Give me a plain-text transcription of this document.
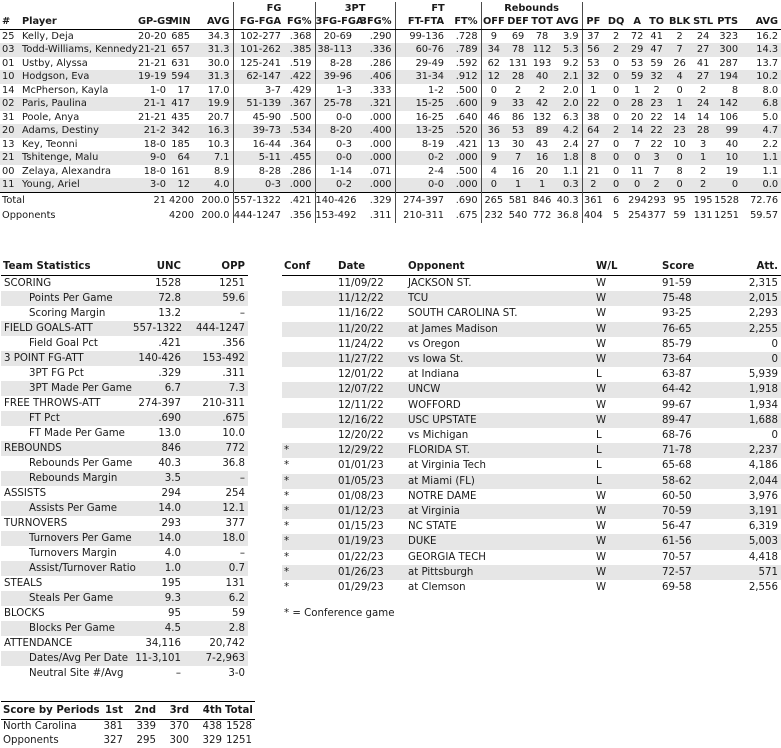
					FG		3PT		FT		Rebounds											
#	Player	GP-GS	MIN	AVG	FG-FGA	FG%	3FG-FGA	3FG%	FT-FTA	FT%	OFF	DEF	TOT	AVG	PF	DQ	A	TO	BLK	STL	PTS	AVG
25	Kelly, Deja	20-20	685	34.3	102-277	.368	20-69	.290	99-136	.728	9	69	78	3.9	37	2	72	41	2	24	323	16.2
03	Todd-Williams, Kennedy	21-21	657	31.3	101-262	.385	38-113	.336	60-76	.789	34	78	112	5.3	56	2	29	47	7	27	300	14.3
01	Ustby, Alyssa	21-21	631	30.0	125-241	.519	8-28	.286	29-49	.592	62	131	193	9.2	53	0	53	59	26	41	287	13.7
10	Hodgson, Eva	19-19	594	31.3	62-147	.422	39-96	.406	31-34	.912	12	28	40	2.1	32	0	59	32	4	27	194	10.2
14	McPherson, Kayla	1-0	17	17.0	3-7	.429	1-3	.333	1-2	.500	0	2	2	2.0	1	0	1	2	0	2	8	8.0
02	Paris, Paulina	21-1	417	19.9	51-139	.367	25-78	.321	15-25	.600	9	33	42	2.0	22	0	28	23	1	24	142	6.8
31	Poole, Anya	21-21	435	20.7	45-90	.500	0-0	.000	16-25	.640	46	86	132	6.3	38	0	20	22	14	14	106	5.0
20	Adams, Destiny	21-2	342	16.3	39-73	.534	8-20	.400	13-25	.520	36	53	89	4.2	64	2	14	22	23	28	99	4.7
13	Key, Teonni	18-0	185	10.3	16-44	.364	0-3	.000	8-19	.421	13	30	43	2.4	27	0	7	22	10	3	40	2.2
21	Tshitenge, Malu	9-0	64	7.1	5-11	.455	0-0	.000	0-2	.000	9	7	16	1.8	8	0	0	3	0	1	10	1.1
00	Zelaya, Alexandra	18-0	161	8.9	8-28	.286	1-14	.071	2-4	.500	4	16	20	1.1	21	0	11	7	8	2	19	1.1
11	Young, Ariel	3-0	12	4.0	0-3	.000	0-2	.000	0-0	.000	0	1	1	0.3	2	0	0	2	0	2	0	0.0
Total		21	4200	200.0	557-1322	.421	140-426	.329	274-397	.690	265	581	846	40.3	361	6	294	293	95	195	1528	72.76
Opponents			4200	200.0	444-1247	.356	153-492	.311	210-311	.675	232	540	772	36.8	404	5	254	377	59	131	1251	59.57
Team Statistics	UNC	OPP
SCORING	1528	1251
Points Per Game	72.8	59.6
Scoring Margin	13.2	–
FIELD GOALS-ATT	557-1322	444-1247
Field Goal Pct	.421	.356
3 POINT FG-ATT	140-426	153-492
3PT FG Pct	.329	.311
3PT Made Per Game	6.7	7.3
FREE THROWS-ATT	274-397	210-311
FT Pct	.690	.675
FT Made Per Game	13.0	10.0
REBOUNDS	846	772
Rebounds Per Game	40.3	36.8
Rebounds Margin	3.5	–
ASSISTS	294	254
Assists Per Game	14.0	12.1
TURNOVERS	293	377
Turnovers Per Game	14.0	18.0
Turnovers Margin	4.0	–
Assist/Turnover Ratio	1.0	0.7
STEALS	195	131
Steals Per Game	9.3	6.2
BLOCKS	95	59
Blocks Per Game	4.5	2.8
ATTENDANCE	34,116	20,742
Dates/Avg Per Date	11-3,101	7-2,963
Neutral Site #/Avg	–	3-0
Conf	Date	Opponent	W/L	Score	Att.
	11/09/22	JACKSON ST.	W	91-59	2,315
	11/12/22	TCU	W	75-48	2,015
	11/16/22	SOUTH CAROLINA ST.	W	93-25	2,293
	11/20/22	at James Madison	W	76-65	2,255
	11/24/22	vs Oregon	W	85-79	0
	11/27/22	vs Iowa St.	W	73-64	0
	12/01/22	at Indiana	L	63-87	5,939
	12/07/22	UNCW	W	64-42	1,918
	12/11/22	WOFFORD	W	99-67	1,934
	12/16/22	USC UPSTATE	W	89-47	1,688
	12/20/22	vs Michigan	L	68-76	0
*	12/29/22	FLORIDA ST.	L	71-78	2,237
*	01/01/23	at Virginia Tech	L	65-68	4,186
*	01/05/23	at Miami (FL)	L	58-62	2,044
*	01/08/23	NOTRE DAME	W	60-50	3,976
*	01/12/23	at Virginia	W	70-59	3,191
*	01/15/23	NC STATE	W	56-47	6,319
*	01/19/23	DUKE	W	61-56	5,003
*	01/22/23	GEORGIA TECH	W	70-57	4,418
*	01/26/23	at Pittsburgh	W	72-57	571
*	01/29/23	at Clemson	W	69-58	2,556
* = Conference game
Score by Periods	1st	2nd	3rd	4th	Total
North Carolina	381	339	370	438	1528
Opponents	327	295	300	329	1251
